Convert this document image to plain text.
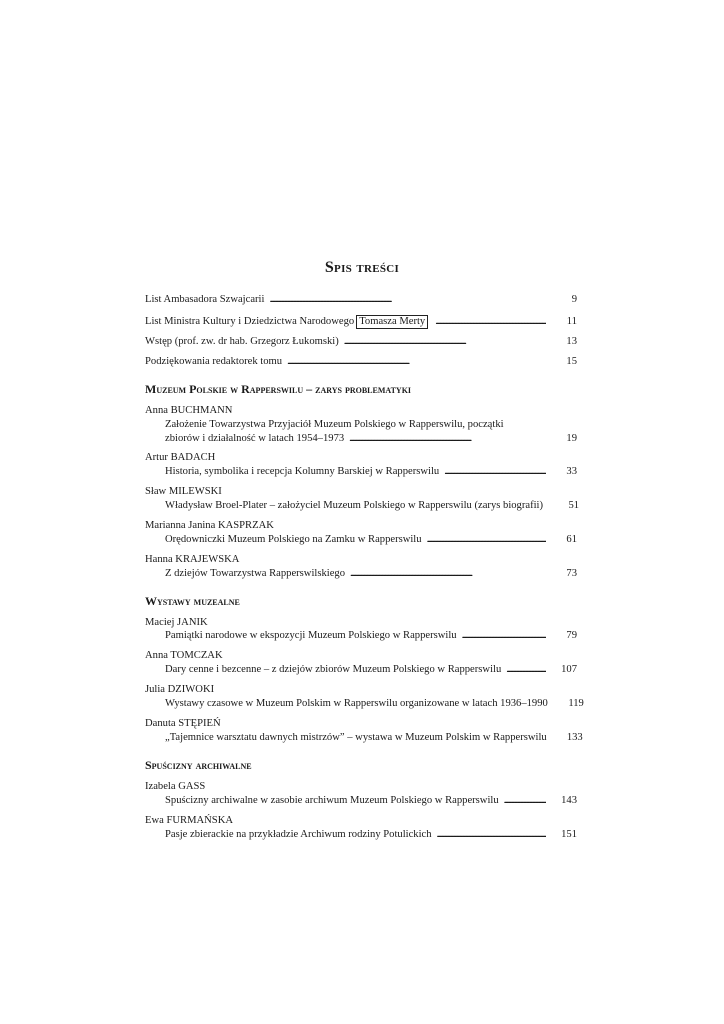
Spis treści
List Ambasadora Szwajcarii . . .	9
List Ministra Kultury i Dziedzictwa Narodowego Tomasza Merty . . .	11
Wstęp (prof. zw. dr hab. Grzegorz Łukomski) . . .	13
Podziękowania redaktorek tomu . . .	15
Muzeum Polskie w Rapperswilu – zarys problematyki
Anna BUCHMANN
Założenie Towarzystwa Przyjaciół Muzeum Polskiego w Rapperswilu, początki
zbiorów i działalność w latach 1954–1973 . . .	19
Artur BADACH
Historia, symbolika i recepcja Kolumny Barskiej w Rapperswilu . . .	33
Sław MILEWSKI
Władysław Broel-Plater – założyciel Muzeum Polskiego w Rapperswilu (zarys biografii)	51
Marianna Janina KASPRZAK
Orędowniczki Muzeum Polskiego na Zamku w Rapperswilu . . .	61
Hanna KRAJEWSKA
Z dziejów Towarzystwa Rapperswilskiego . . .	73
Wystawy muzealne
Maciej JANIK
Pamiątki narodowe w ekspozycji Muzeum Polskiego w Rapperswilu . . .	79
Anna TOMCZAK
Dary cenne i bezcenne – z dziejów zbiorów Muzeum Polskiego w Rapperswilu . . .	107
Julia DZIWOKI
Wystawy czasowe w Muzeum Polskim w Rapperswilu organizowane w latach 1936–1990	119
Danuta STĘPIEŃ
„Tajemnice warsztatu dawnych mistrzów” – wystawa w Muzeum Polskim w Rapperswilu	133
Spuścizny archiwalne
Izabela GASS
Spuścizny archiwalne w zasobie archiwum Muzeum Polskiego w Rapperswilu . . .	143
Ewa FURMAŃSKA
Pasje zbierackie na przykładzie Archiwum rodziny Potulickich . . .	151
